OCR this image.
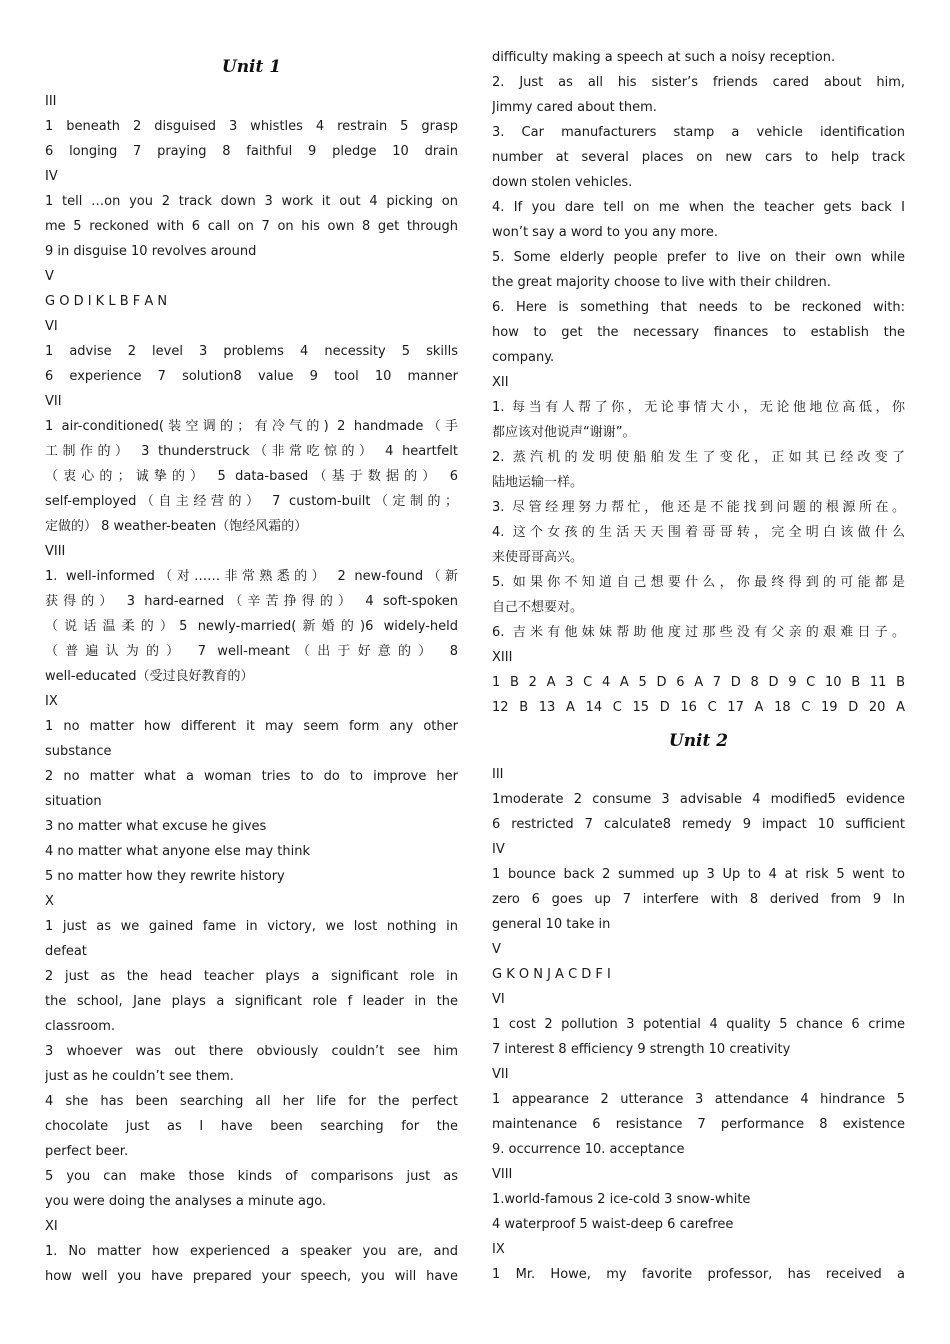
Unit 1
III
1 beneath 2 disguised 3 whistles 4 restrain 5 grasp
6 longing 7 praying 8 faithful 9 pledge 10 drain
IV
1 tell …on you 2 track down 3 work it out 4 picking on
me 5 reckoned with 6 call on 7 on his own 8 get through
9 in disguise 10 revolves around
V
G O D I K L B F A N
VI
1 advise 2 level 3 problems 4 necessity 5 skills
6 experience 7 solution8 value 9 tool 10 manner
VII
1 air-conditioned(装空调的；有冷气的) 2 handmade（手
工制作的） 3 thunderstruck（非常吃惊的） 4 heartfelt
（衷心的；诚挚的） 5 data-based（基于数据的） 6
self-employed（自主经营的） 7 custom-built（定制的；
定做的） 8 weather-beaten（饱经风霜的）
VIII
1. well-informed（对……非常熟悉的） 2 new-found（新
获得的） 3 hard-earned（辛苦挣得的） 4 soft-spoken
（说话温柔的）5 newly-married(新婚的)6 widely-held
（普遍认为的） 7 well-meant（出于好意的） 8
well-educated（受过良好教育的）
IX
1 no matter how different it may seem form any other
substance
2 no matter what a woman tries to do to improve her
situation
3 no matter what excuse he gives
4 no matter what anyone else may think
5 no matter how they rewrite history
X
1 just as we gained fame in victory, we lost nothing in
defeat
2 just as the head teacher plays a significant role in
the school, Jane plays a significant role f leader in the
classroom.
3 whoever was out there obviously couldn’t see him
just as he couldn’t see them.
4 she has been searching all her life for the perfect
chocolate just as I have been searching for the
perfect beer.
5 you can make those kinds of comparisons just as
you were doing the analyses a minute ago.
XI
1. No matter how experienced a speaker you are, and
how well you have prepared your speech, you will have
difficulty making a speech at such a noisy reception.
2. Just as all his sister’s friends cared about him,
Jimmy cared about them.
3. Car manufacturers stamp a vehicle identification
number at several places on new cars to help track
down stolen vehicles.
4. If you dare tell on me when the teacher gets back I
won’t say a word to you any more.
5. Some elderly people prefer to live on their own while
the great majority choose to live with their children.
6. Here is something that needs to be reckoned with:
how to get the necessary finances to establish the
company.
XII
1. 每当有人帮了你，无论事情大小，无论他地位高低，你
都应该对他说声“谢谢”。
2. 蒸汽机的发明使船舶发生了变化，正如其已经改变了
陆地运输一样。
3. 尽管经理努力帮忙，他还是不能找到问题的根源所在。
4. 这个女孩的生活天天围着哥哥转，完全明白该做什么
来使哥哥高兴。
5. 如果你不知道自己想要什么，你最终得到的可能都是
自己不想要对。
6. 吉米有他妹妹帮助他度过那些没有父亲的艰难日子。
XIII
1 B 2 A 3 C 4 A 5 D 6 A 7 D 8 D 9 C 10 B 11 B
12 B 13 A 14 C 15 D 16 C 17 A 18 C 19 D 20 A
Unit 2
III
1moderate 2 consume 3 advisable 4 modified5 evidence
6 restricted 7 calculate8 remedy 9 impact 10 sufficient
IV
1 bounce back 2 summed up 3 Up to 4 at risk 5 went to
zero 6 goes up 7 interfere with 8 derived from 9 In
general 10 take in
V
G K O N J A C D F I
VI
1 cost 2 pollution 3 potential 4 quality 5 chance 6 crime
7 interest 8 efficiency 9 strength 10 creativity
VII
1 appearance 2 utterance 3 attendance 4 hindrance 5
maintenance 6 resistance 7 performance 8 existence
9. occurrence 10. acceptance
VIII
1.world-famous 2 ice-cold 3 snow-white
4 waterproof 5 waist-deep 6 carefree
IX
1 Mr. Howe, my favorite professor, has received a
